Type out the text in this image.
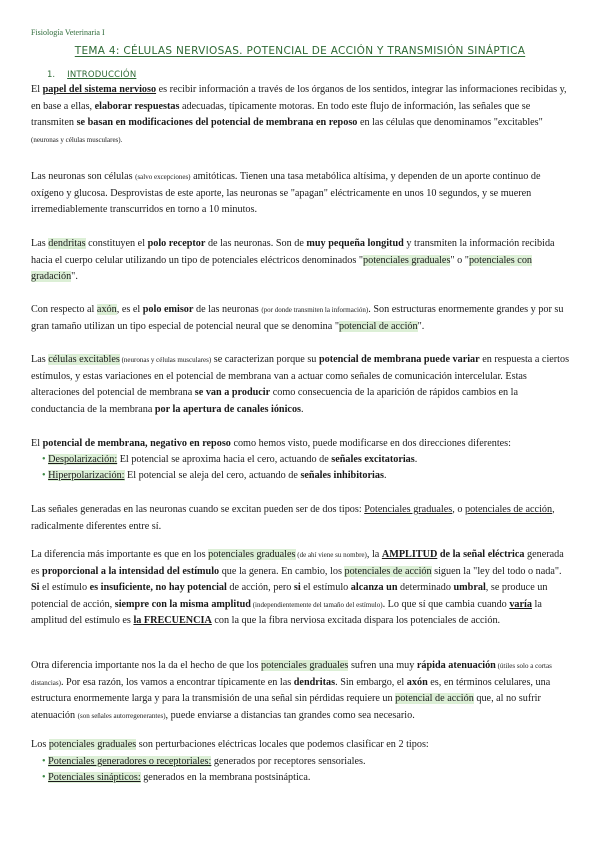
Fisiología Veterinaria I
TEMA 4: CÉLULAS NERVIOSAS. POTENCIAL DE ACCIÓN Y TRANSMISIÓN SINÁPTICA
1. INTRODUCCIÓN
El papel del sistema nervioso es recibir información a través de los órganos de los sentidos, integrar las informaciones recibidas y, en base a ellas, elaborar respuestas adecuadas, típicamente motoras. En todo este flujo de información, las señales que se transmiten se basan en modificaciones del potencial de membrana en reposo en las células que denominamos "excitables" (neuronas y células musculares).
Las neuronas son células (salvo excepciones) amitóticas. Tienen una tasa metabólica altísima, y dependen de un aporte continuo de oxígeno y glucosa. Desprovistas de este aporte, las neuronas se "apagan" eléctricamente en unos 10 segundos, y se mueren irremediablemente transcurridos en torno a 10 minutos.
Las dendritas constituyen el polo receptor de las neuronas. Son de muy pequeña longitud y transmiten la información recibida hacia el cuerpo celular utilizando un tipo de potenciales eléctricos denominados "potenciales graduales" o "potenciales con gradación".
Con respecto al axón, es el polo emisor de las neuronas (por donde transmiten la información). Son estructuras enormemente grandes y por su gran tamaño utilizan un tipo especial de potencial neural que se denomina "potencial de acción".
Las células excitables (neuronas y células musculares) se caracterizan porque su potencial de membrana puede variar en respuesta a ciertos estímulos, y estas variaciones en el potencial de membrana van a actuar como señales de comunicación intercelular. Estas alteraciones del potencial de membrana se van a producir como consecuencia de la aparición de rápidos cambios en la conductancia de la membrana por la apertura de canales iónicos.
El potencial de membrana, negativo en reposo como hemos visto, puede modificarse en dos direcciones diferentes:
• Despolarización: El potencial se aproxima hacia el cero, actuando de señales excitatorias.
• Hiperpolarización: El potencial se aleja del cero, actuando de señales inhibitorias.
Las señales generadas en las neuronas cuando se excitan pueden ser de dos tipos: Potenciales graduales, o potenciales de acción, radicalmente diferentes entre sí.
La diferencia más importante es que en los potenciales graduales (de ahí viene su nombre), la AMPLITUD de la señal eléctrica generada es proporcional a la intensidad del estímulo que la genera. En cambio, los potenciales de acción siguen la "ley del todo o nada". Si el estímulo es insuficiente, no hay potencial de acción, pero si el estímulo alcanza un determinado umbral, se produce un potencial de acción, siempre con la misma amplitud (independientemente del tamaño del estímulo). Lo que sí que cambia cuando varía la amplitud del estímulo es la FRECUENCIA con la que la fibra nerviosa excitada dispara los potenciales de acción.
Otra diferencia importante nos la da el hecho de que los potenciales graduales sufren una muy rápida atenuación (útiles solo a cortas distancias). Por esa razón, los vamos a encontrar típicamente en las dendritas. Sin embargo, el axón es, en términos celulares, una estructura enormemente larga y para la transmisión de una señal sin pérdidas requiere un potencial de acción que, al no sufrir atenuación (son señales autorregenerantes), puede enviarse a distancias tan grandes como sea necesario.
Los potenciales graduales son perturbaciones eléctricas locales que podemos clasificar en 2 tipos:
• Potenciales generadores o receptoriales: generados por receptores sensoriales.
• Potenciales sinápticos: generados en la membrana postsináptica.
